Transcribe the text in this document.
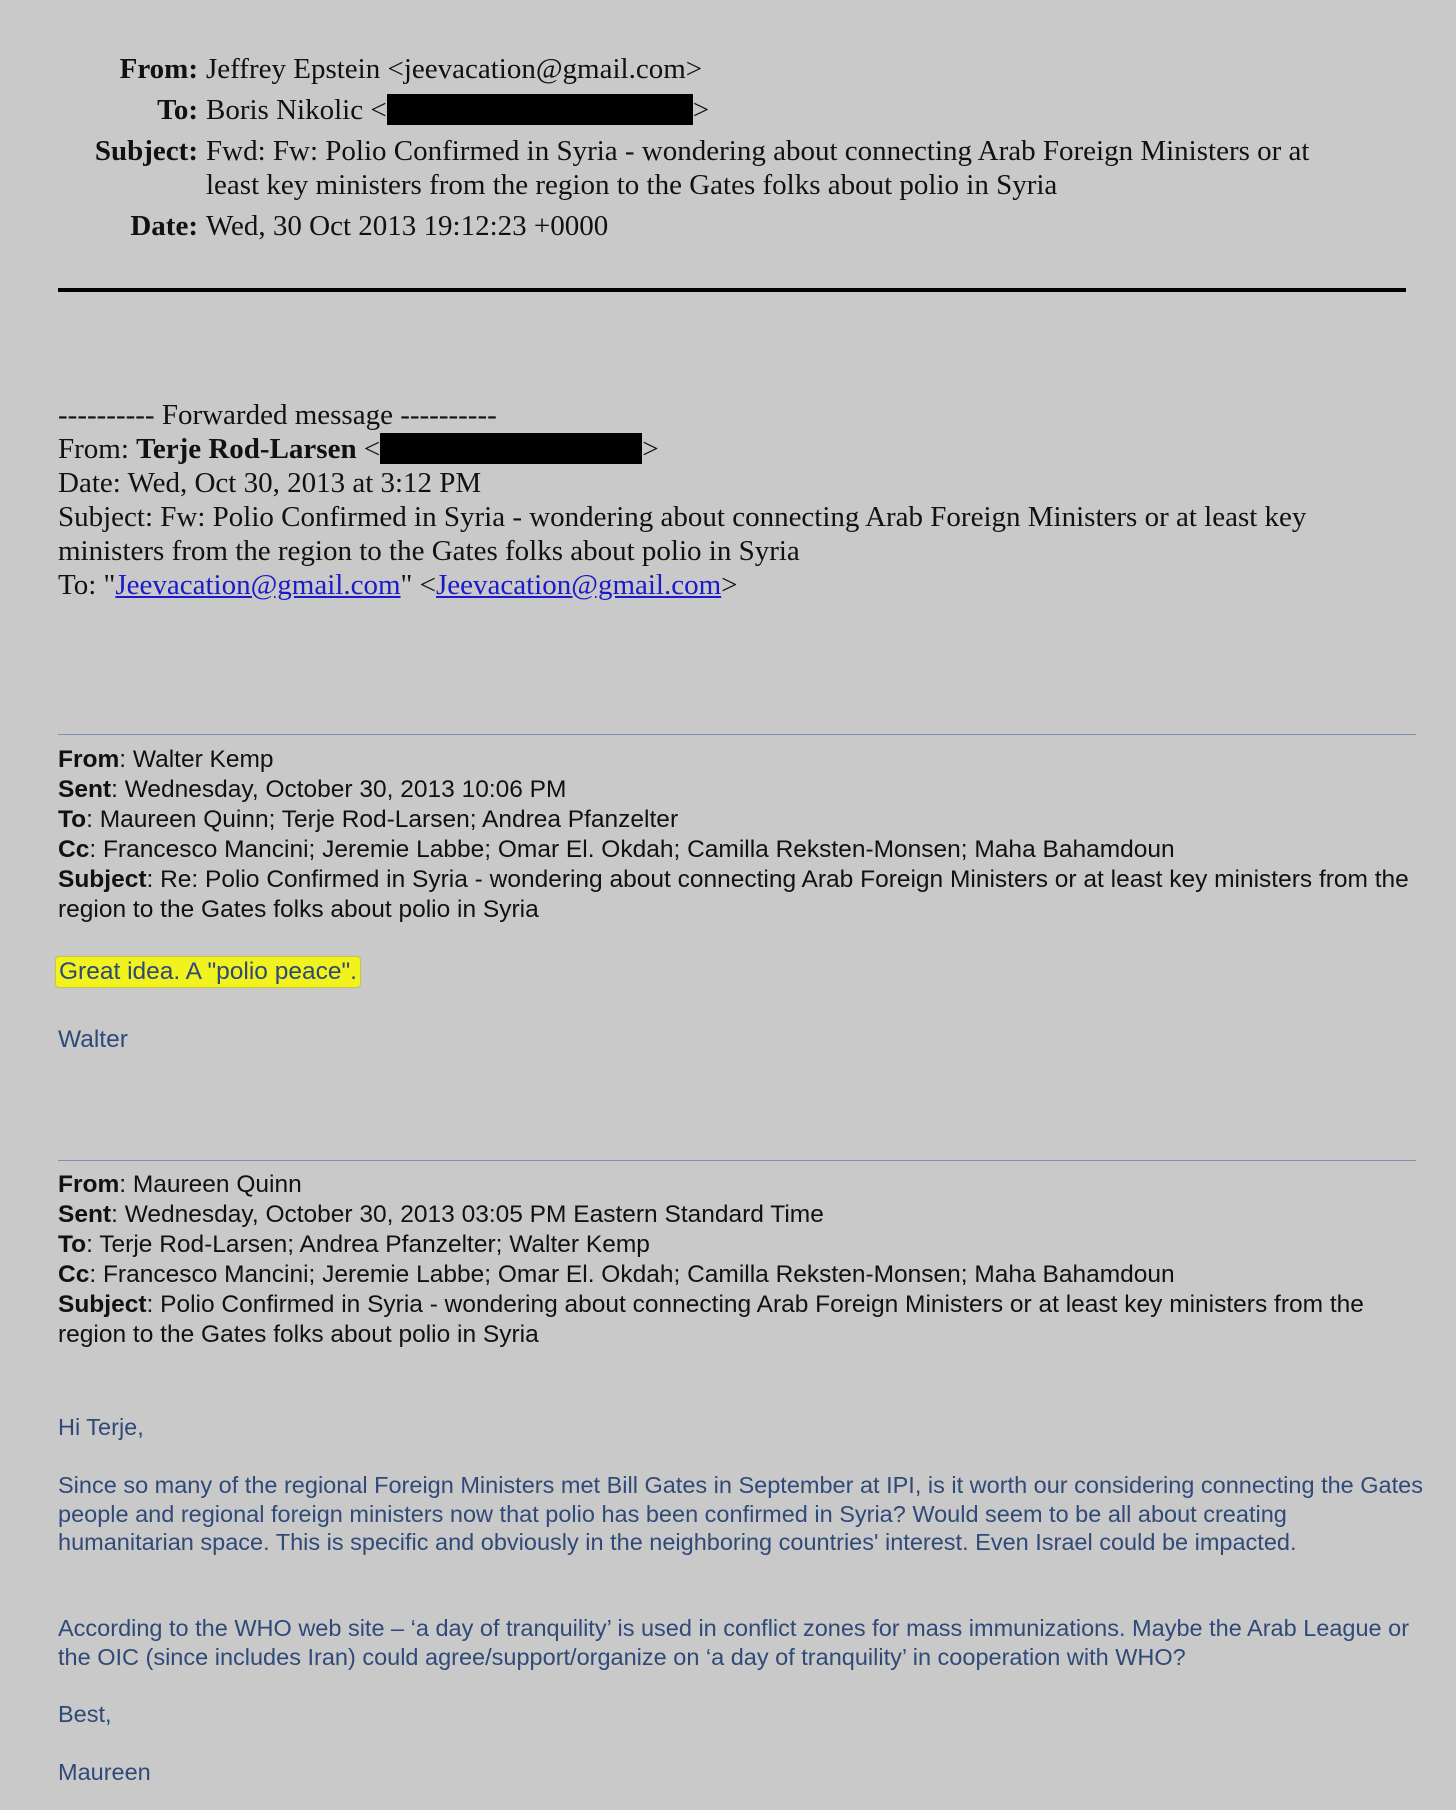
From: Jeffrey Epstein <jeevacation@gmail.com>
To: Boris Nikolic <	>
Subject: Fwd: Fw: Polio Confirmed in Syria - wondering about connecting Arab Foreign Ministers or at least key ministers from the region to the Gates folks about polio in Syria
Date: Wed, 30 Oct 2013 19:12:23 +0000
---------- Forwarded message ----------
From: Terje Rod-Larsen <	>
Date: Wed, Oct 30, 2013 at 3:12 PM
Subject: Fw: Polio Confirmed in Syria - wondering about connecting Arab Foreign Ministers or at least key ministers from the region to the Gates folks about polio in Syria
To: "Jeevacation@gmail.com" <Jeevacation@gmail.com>
From: Walter Kemp
Sent: Wednesday, October 30, 2013 10:06 PM
To: Maureen Quinn; Terje Rod-Larsen; Andrea Pfanzelter
Cc: Francesco Mancini; Jeremie Labbe; Omar El. Okdah; Camilla Reksten-Monsen; Maha Bahamdoun
Subject: Re: Polio Confirmed in Syria - wondering about connecting Arab Foreign Ministers or at least key ministers from the region to the Gates folks about polio in Syria
Great idea. A "polio peace".
Walter
From: Maureen Quinn
Sent: Wednesday, October 30, 2013 03:05 PM Eastern Standard Time
To: Terje Rod-Larsen; Andrea Pfanzelter; Walter Kemp
Cc: Francesco Mancini; Jeremie Labbe; Omar El. Okdah; Camilla Reksten-Monsen; Maha Bahamdoun
Subject: Polio Confirmed in Syria - wondering about connecting Arab Foreign Ministers or at least key ministers from the region to the Gates folks about polio in Syria
Hi Terje,
Since so many of the regional Foreign Ministers met Bill Gates in September at IPI, is it worth our considering connecting the Gates people and regional foreign ministers now that polio has been confirmed in Syria? Would seem to be all about creating humanitarian space. This is specific and obviously in the neighboring countries' interest. Even Israel could be impacted.
According to the WHO web site – ‘a day of tranquility’ is used in conflict zones for mass immunizations. Maybe the Arab League or the OIC (since includes Iran) could agree/support/organize on ‘a day of tranquility’ in cooperation with WHO?
Best,
Maureen
